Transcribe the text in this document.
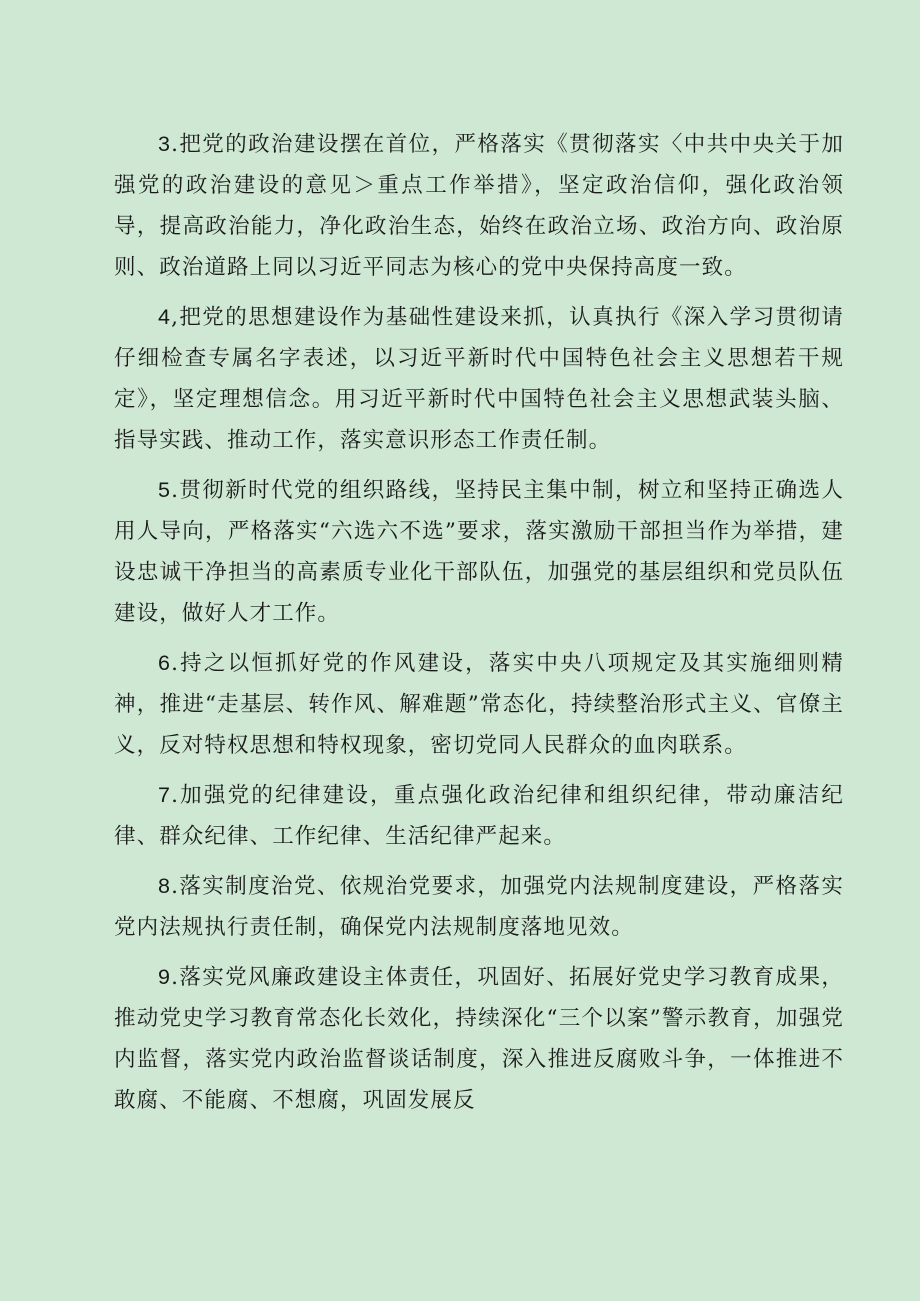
3.把党的政治建设摆在首位，严格落实《贯彻落实〈中共中央关于加强党的政治建设的意见＞重点工作举措》，坚定政治信仰，强化政治领导，提高政治能力，净化政治生态，始终在政治立场、政治方向、政治原则、政治道路上同以习近平同志为核心的党中央保持高度一致。

4,把党的思想建设作为基础性建设来抓，认真执行《深入学习贯彻请仔细检查专属名字表述，以习近平新时代中国特色社会主义思想若干规定》，坚定理想信念。用习近平新时代中国特色社会主义思想武装头脑、指导实践、推动工作，落实意识形态工作责任制。

5.贯彻新时代党的组织路线，坚持民主集中制，树立和坚持正确选人用人导向，严格落实“六选六不选”要求，落实激励干部担当作为举措，建设忠诚干净担当的高素质专业化干部队伍，加强党的基层组织和党员队伍建设，做好人才工作。

6.持之以恒抓好党的作风建设，落实中央八项规定及其实施细则精神，推进“走基层、转作风、解难题”常态化，持续整治形式主义、官僚主义，反对特权思想和特权现象，密切党同人民群众的血肉联系。

7.加强党的纪律建设，重点强化政治纪律和组织纪律，带动廉洁纪律、群众纪律、工作纪律、生活纪律严起来。

8.落实制度治党、依规治党要求，加强党内法规制度建设，严格落实党内法规执行责任制，确保党内法规制度落地见效。

9.落实党风廉政建设主体责任，巩固好、拓展好党史学习教育成果，推动党史学习教育常态化长效化，持续深化“三个以案”警示教育，加强党内监督，落实党内政治监督谈话制度，深入推进反腐败斗争，一体推进不敢腐、不能腐、不想腐，巩固发展反
